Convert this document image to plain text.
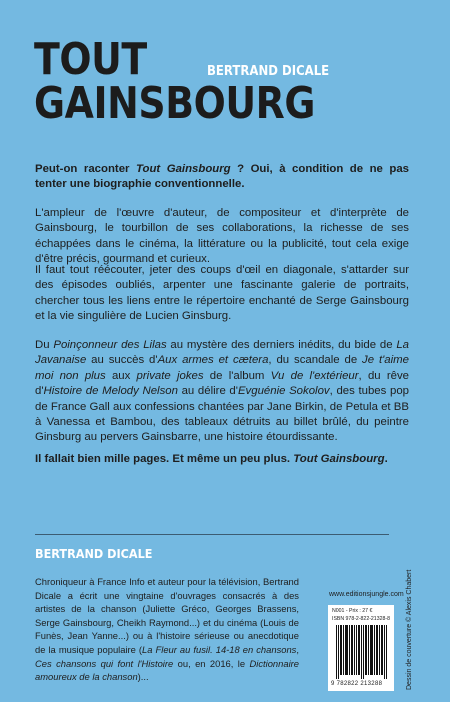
TOUT
GAINSBOURG
BERTRAND DICALE
Peut-on raconter Tout Gainsbourg ? Oui, à condition de ne pas tenter une biographie conventionnelle.
L'ampleur de l'œuvre d'auteur, de compositeur et d'interprète de Gainsbourg, le tourbillon de ses collaborations, la richesse de ses échappées dans le cinéma, la littérature ou la publicité, tout cela exige d'être précis, gourmand et curieux.
Il faut tout réécouter, jeter des coups d'œil en diagonale, s'attarder sur des épisodes oubliés, arpenter une fascinante galerie de portraits, chercher tous les liens entre le répertoire enchanté de Serge Gainsbourg et la vie singulière de Lucien Ginsburg.
Du Poinçonneur des Lilas au mystère des derniers inédits, du bide de La Javanaise au succès d'Aux armes et cætera, du scandale de Je t'aime moi non plus aux private jokes de l'album Vu de l'extérieur, du rêve d'Histoire de Melody Nelson au délire d'Evguénie Sokolov, des tubes pop de France Gall aux confessions chantées par Jane Birkin, de Petula et BB à Vanessa et Bambou, des tableaux détruits au billet brûlé, du peintre Ginsburg au pervers Gainsbarre, une histoire étourdissante.
Il fallait bien mille pages. Et même un peu plus. Tout Gainsbourg.
BERTRAND DICALE
Chroniqueur à France Info et auteur pour la télévision, Bertrand Dicale a écrit une vingtaine d'ouvrages consacrés à des artistes de la chanson (Juliette Gréco, Georges Brassens, Serge Gainsbourg, Cheikh Raymond...) et du cinéma (Louis de Funès, Jean Yanne...) ou à l'histoire sérieuse ou anecdotique de la musique populaire (La Fleur au fusil. 14-18 en chansons, Ces chansons qui font l'Histoire ou, en 2016, le Dictionnaire amoureux de la chanson)...
www.editionsjungle.com
N001 - Prix : 27 €
ISBN 978-2-822-21328-8
9 782822 213288	Dessin de couverture © Alexis Chabert
